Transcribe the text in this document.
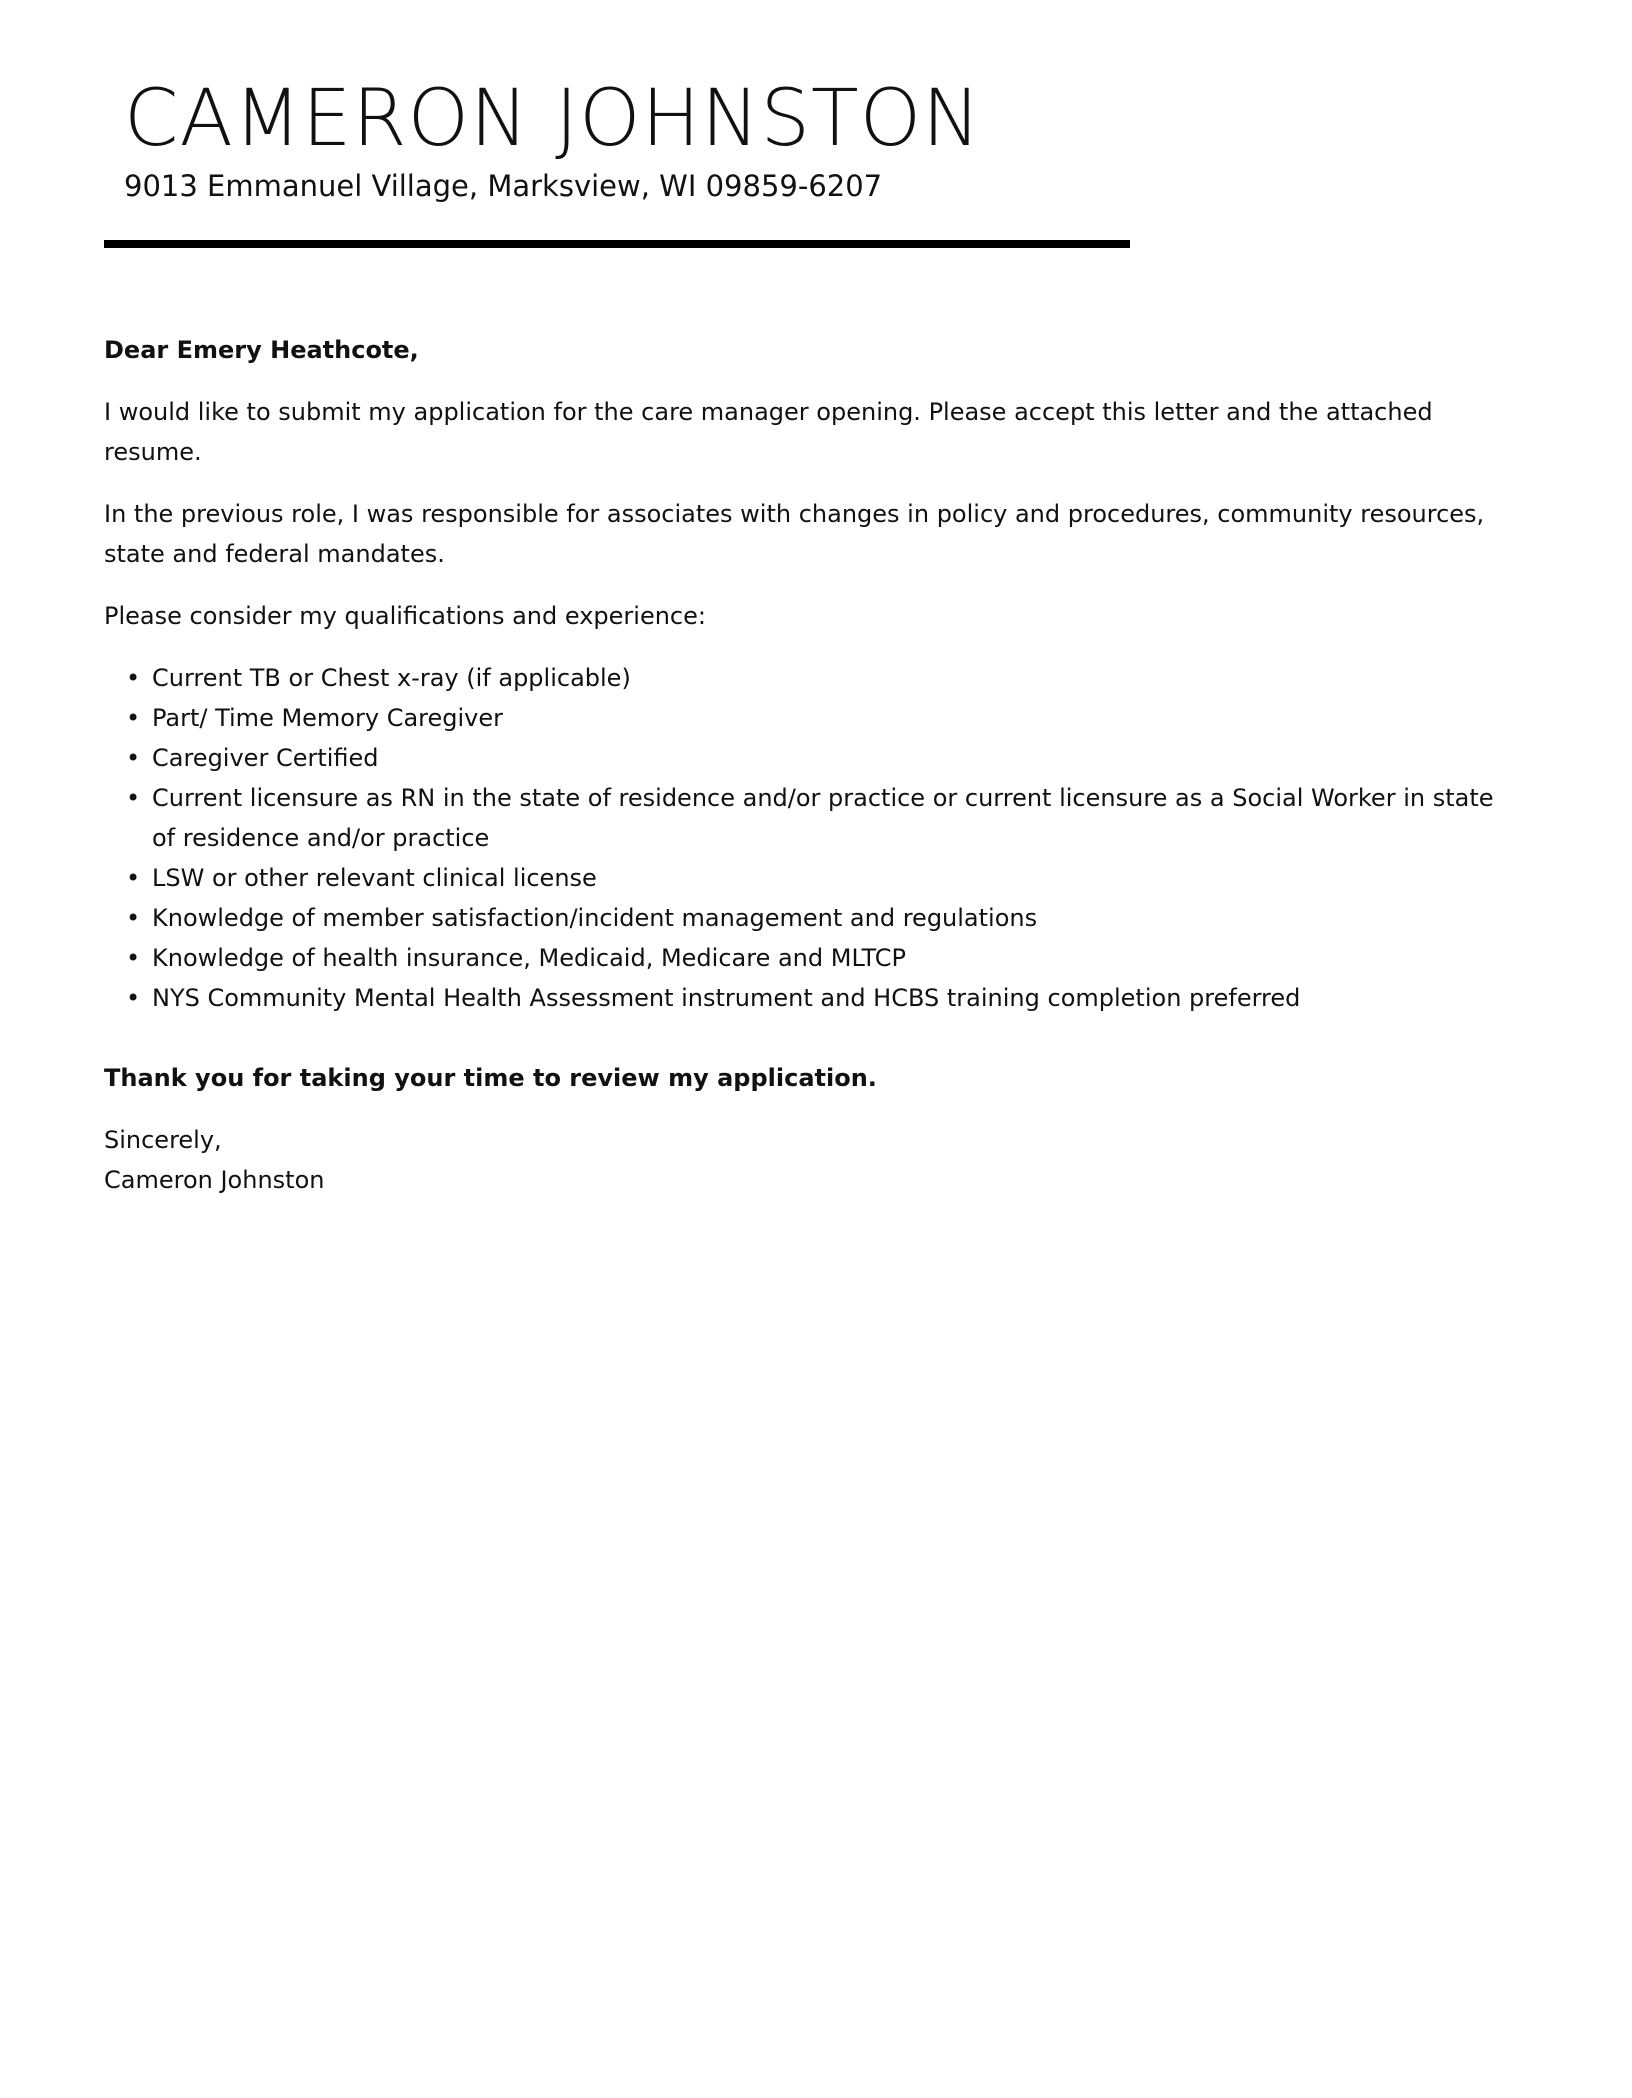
CAMERON JOHNSTON
9013 Emmanuel Village, Marksview, WI 09859-6207

Dear Emery Heathcote,

I would like to submit my application for the care manager opening. Please accept this letter and the attached resume.

In the previous role, I was responsible for associates with changes in policy and procedures, community resources, state and federal mandates.

Please consider my qualifications and experience:

• Current TB or Chest x-ray (if applicable)
• Part/ Time Memory Caregiver
• Caregiver Certified
• Current licensure as RN in the state of residence and/or practice or current licensure as a Social Worker in state of residence and/or practice
• LSW or other relevant clinical license
• Knowledge of member satisfaction/incident management and regulations
• Knowledge of health insurance, Medicaid, Medicare and MLTCP
• NYS Community Mental Health Assessment instrument and HCBS training completion preferred

Thank you for taking your time to review my application.

Sincerely,

Cameron Johnston
